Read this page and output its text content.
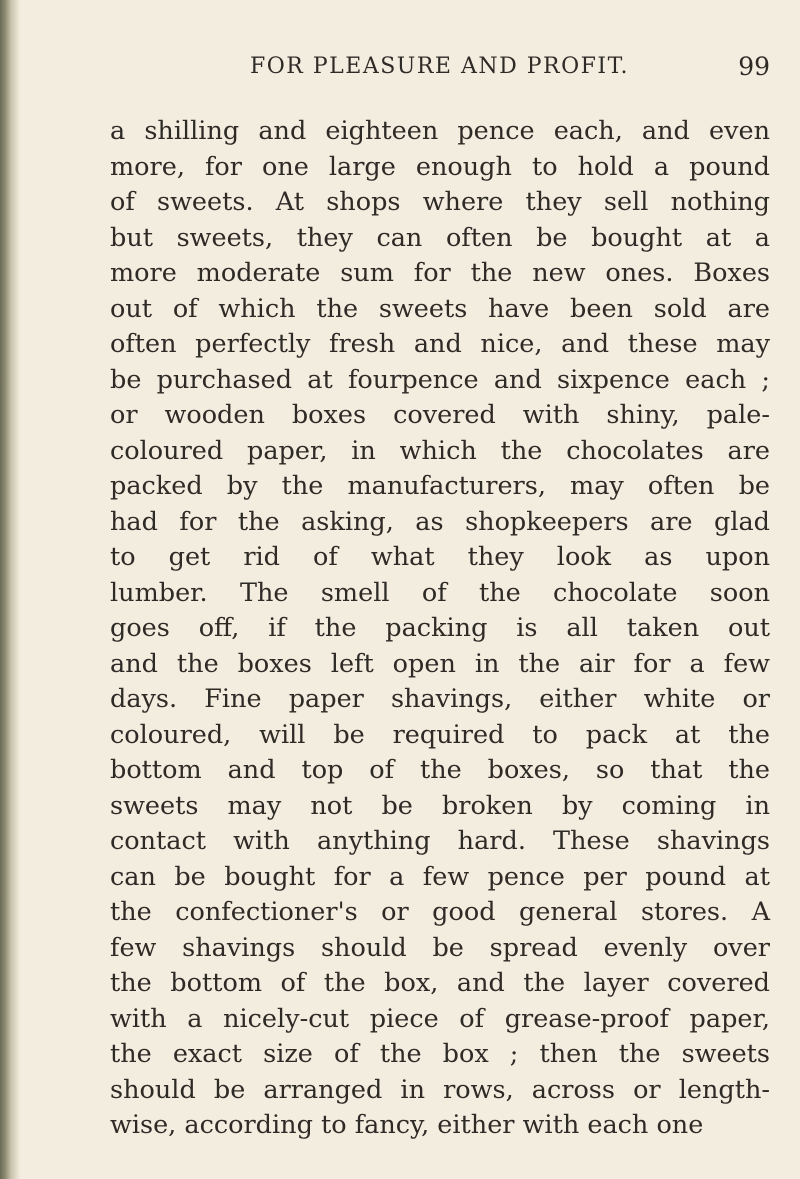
FOR PLEASURE AND PROFIT.	99
a shilling and eighteen pence each, and even
more, for one large enough to hold a pound
of sweets. At shops where they sell nothing
but sweets, they can often be bought at a
more moderate sum for the new ones. Boxes
out of which the sweets have been sold are
often perfectly fresh and nice, and these may
be purchased at fourpence and sixpence each ;
or wooden boxes covered with shiny, pale-
coloured paper, in which the chocolates are
packed by the manufacturers, may often be
had for the asking, as shopkeepers are glad
to get rid of what they look as upon
lumber. The smell of the chocolate soon
goes off, if the packing is all taken out
and the boxes left open in the air for a few
days. Fine paper shavings, either white or
coloured, will be required to pack at the
bottom and top of the boxes, so that the
sweets may not be broken by coming in
contact with anything hard. These shavings
can be bought for a few pence per pound at
the confectioner's or good general stores. A
few shavings should be spread evenly over
the bottom of the box, and the layer covered
with a nicely-cut piece of grease-proof paper,
the exact size of the box ; then the sweets
should be arranged in rows, across or length-
wise, according to fancy, either with each one
